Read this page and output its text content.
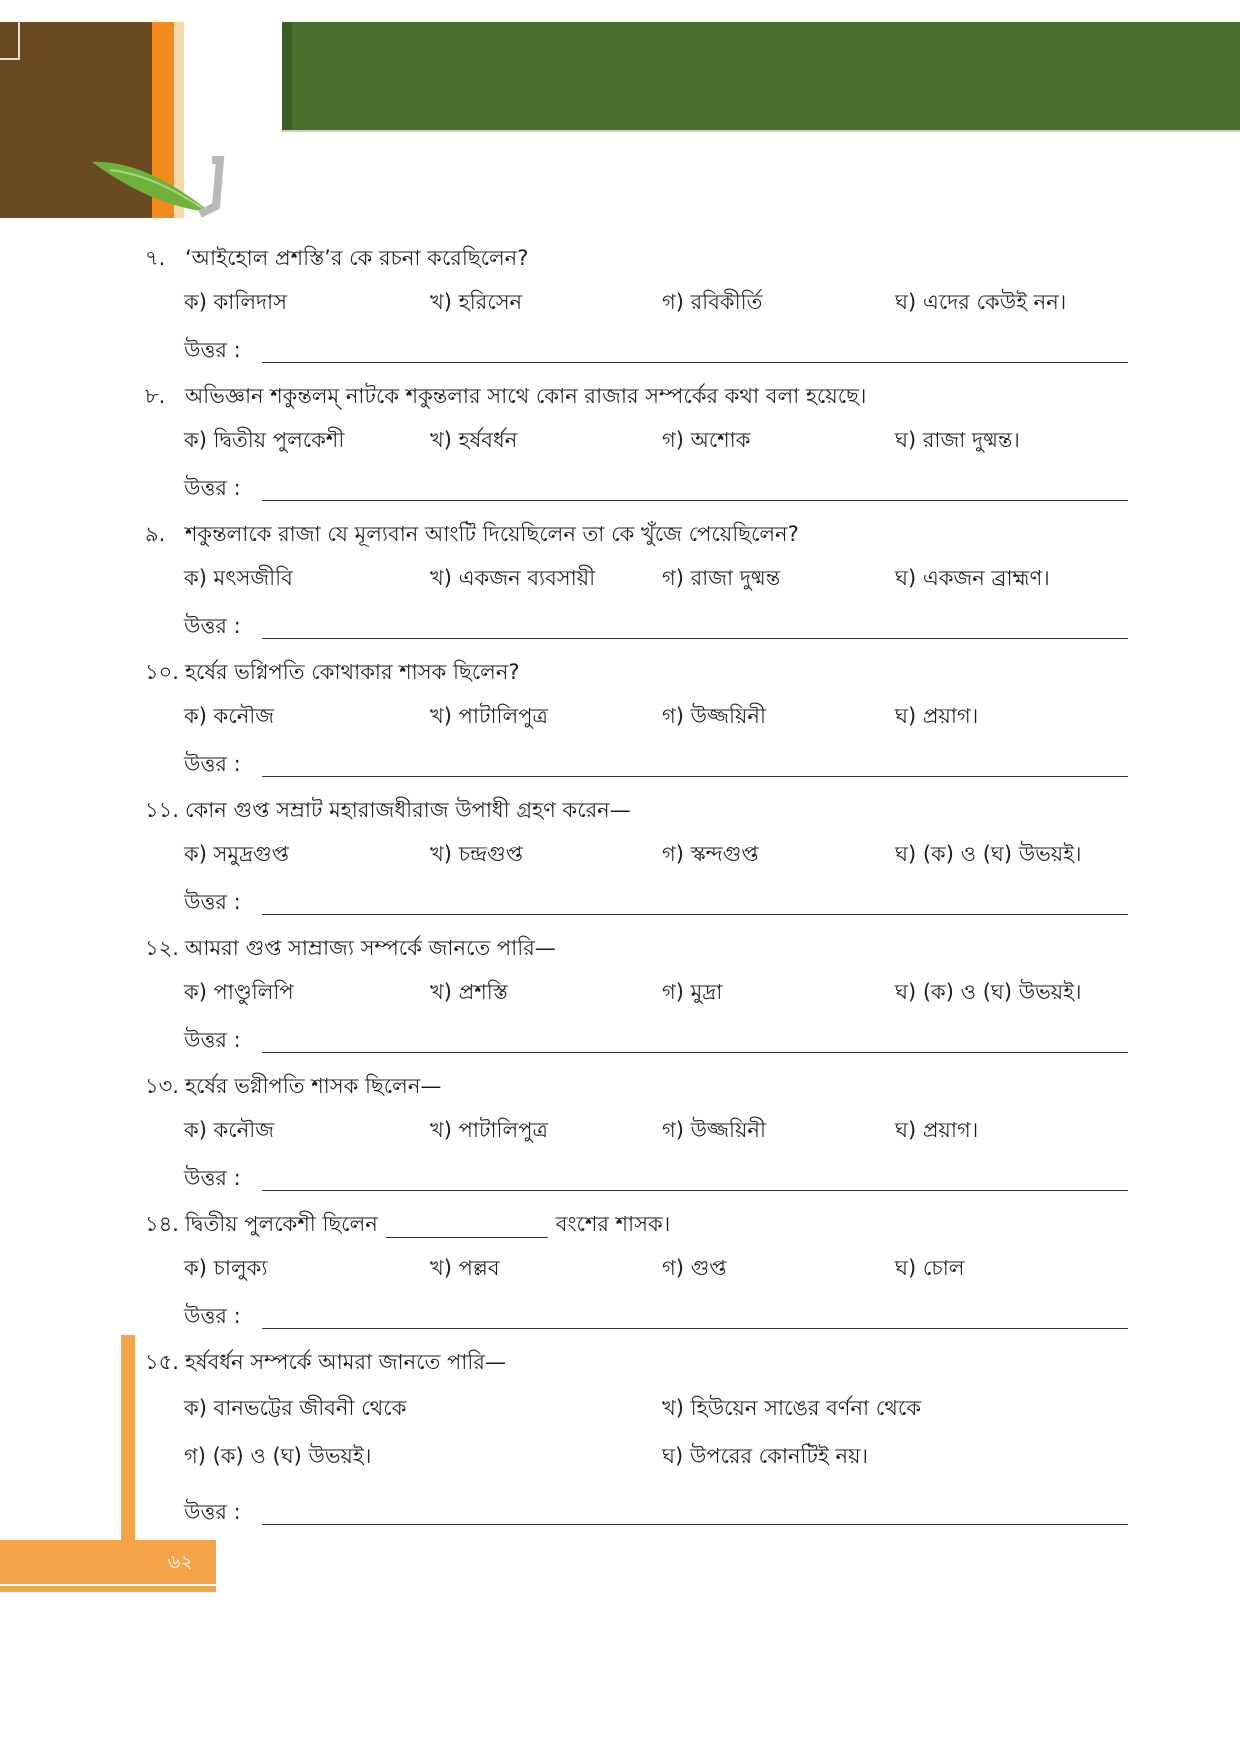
৭. ‘আইহোল প্রশস্তি’র কে রচনা করেছিলেন?
ক) কালিদাস	খ) হরিসেন	গ) রবিকীর্তি	ঘ) এদের কেউই নন।
উত্তর :
৮. অভিজ্ঞান শকুন্তলম্‌ নাটকে শকুন্তলার সাথে কোন রাজার সম্পর্কের কথা বলা হয়েছে।
ক) দ্বিতীয় পুলকেশী	খ) হর্ষবর্ধন	গ) অশোক	ঘ) রাজা দুষ্মন্ত।
উত্তর :
৯. শকুন্তলাকে রাজা যে মূল্যবান আংটি দিয়েছিলেন তা কে খুঁজে পেয়েছিলেন?
ক) মৎসজীবি	খ) একজন ব্যবসায়ী	গ) রাজা দুষ্মন্ত	ঘ) একজন ব্রাহ্মণ।
উত্তর :
১০. হর্ষের ভগ্নিপতি কোথাকার শাসক ছিলেন?
ক) কনৌজ	খ) পাটালিপুত্র	গ) উজ্জয়িনী	ঘ) প্রয়াগ।
উত্তর :
১১. কোন গুপ্ত সম্রাট মহারাজধীরাজ উপাধী গ্রহণ করেন—
ক) সমুদ্রগুপ্ত	খ) চন্দ্রগুপ্ত	গ) স্কন্দগুপ্ত	ঘ) (ক) ও (ঘ) উভয়ই।
উত্তর :
১২. আমরা গুপ্ত সাম্রাজ্য সম্পর্কে জানতে পারি—
ক) পাণ্ডুলিপি	খ) প্রশস্তি	গ) মুদ্রা	ঘ) (ক) ও (ঘ) উভয়ই।
উত্তর :
১৩. হর্ষের ভগ্নীপতি শাসক ছিলেন—
ক) কনৌজ	খ) পাটালিপুত্র	গ) উজ্জয়িনী	ঘ) প্রয়াগ।
উত্তর :
১৪. দ্বিতীয় পুলকেশী ছিলেন	বংশের শাসক।
ক) চালুক্য	খ) পল্লব	গ) গুপ্ত	ঘ) চোল
উত্তর :
১৫. হর্ষবর্ধন সম্পর্কে আমরা জানতে পারি—
ক) বানভট্টের জীবনী থেকে	খ) হিউয়েন সাঙের বর্ণনা থেকে
গ) (ক) ও (ঘ) উভয়ই।	ঘ) উপরের কোনটিই নয়।
উত্তর :
৬২
